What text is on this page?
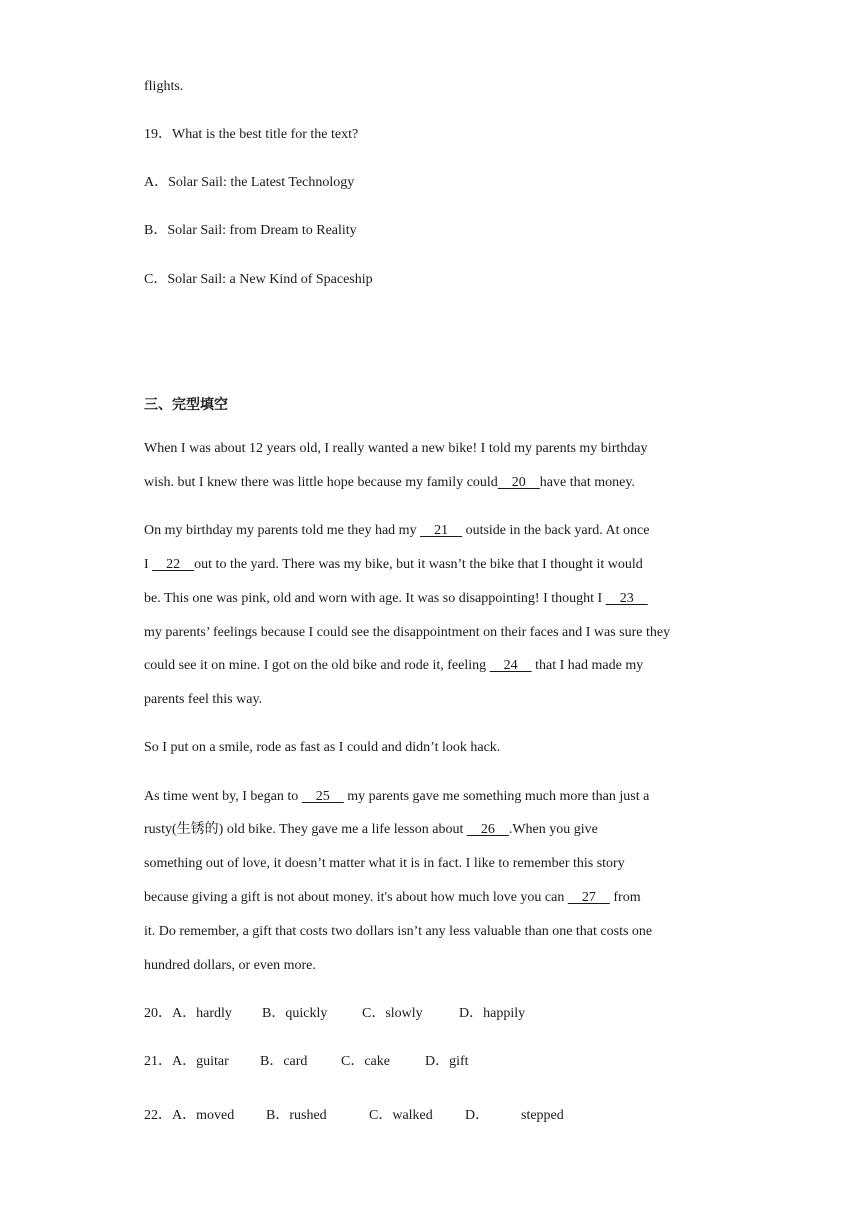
flights.
19．What is the best title for the text?
A．Solar Sail: the Latest Technology
B．Solar Sail: from Dream to Reality
C．Solar Sail: a New Kind of Spaceship
三、完型填空
When I was about 12 years old, I really wanted a new bike! I told my parents my birthday
wish. but I knew there was little hope because my family could    20    have that money.
On my birthday my parents told me they had my     21     outside in the back yard. At once
I     22    out to the yard. There was my bike, but it wasn’t the bike that I thought it would
be. This one was pink, old and worn with age. It was so disappointing! I thought I     23
my parents’ feelings because I could see the disappointment on their faces and I was sure they
could see it on mine. I got on the old bike and rode it, feeling     24     that I had made my
parents feel this way.
So I put on a smile, rode as fast as I could and didn’t look hack.
As time went by, I began to     25     my parents gave me something much more than just a
rusty(生锈的) old bike. They gave me a life lesson about     26    .When you give
something out of love, it doesn’t matter what it is in fact. I like to remember this story
because giving a gift is not about money. it's about how much love you can     27     from
it. Do remember, a gift that costs two dollars isn’t any less valuable than one that costs one
hundred dollars, or even more.
20．A．hardly B．quickly C．slowly	D．happily
21．A．guitar B．card C．cake	D．gift
22．A．moved B．rushed	C．walked D． stepped
